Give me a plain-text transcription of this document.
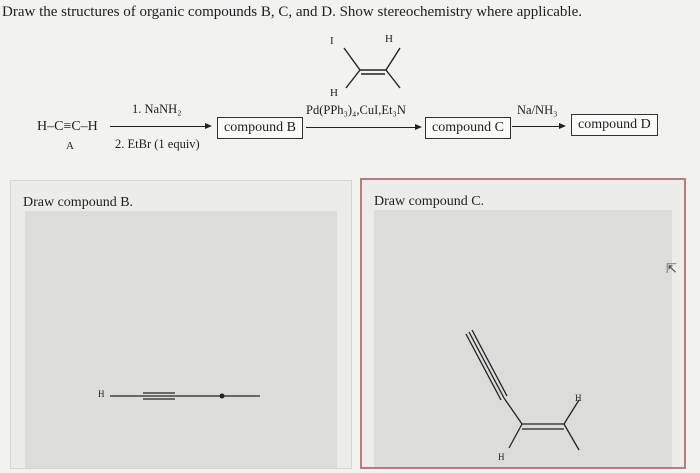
Draw the structures of organic compounds B, C, and D. Show stereochemistry where applicable.
H–C≡C–H
A
1. NaNH₂
2. EtBr (1 equiv)
compound B
I	H
H
Pd(PPh₃)₄,CuI,Et₃N
compound C
Na/NH₃
compound D
Draw compound B.
H
Draw compound C.
H
H
⇱
